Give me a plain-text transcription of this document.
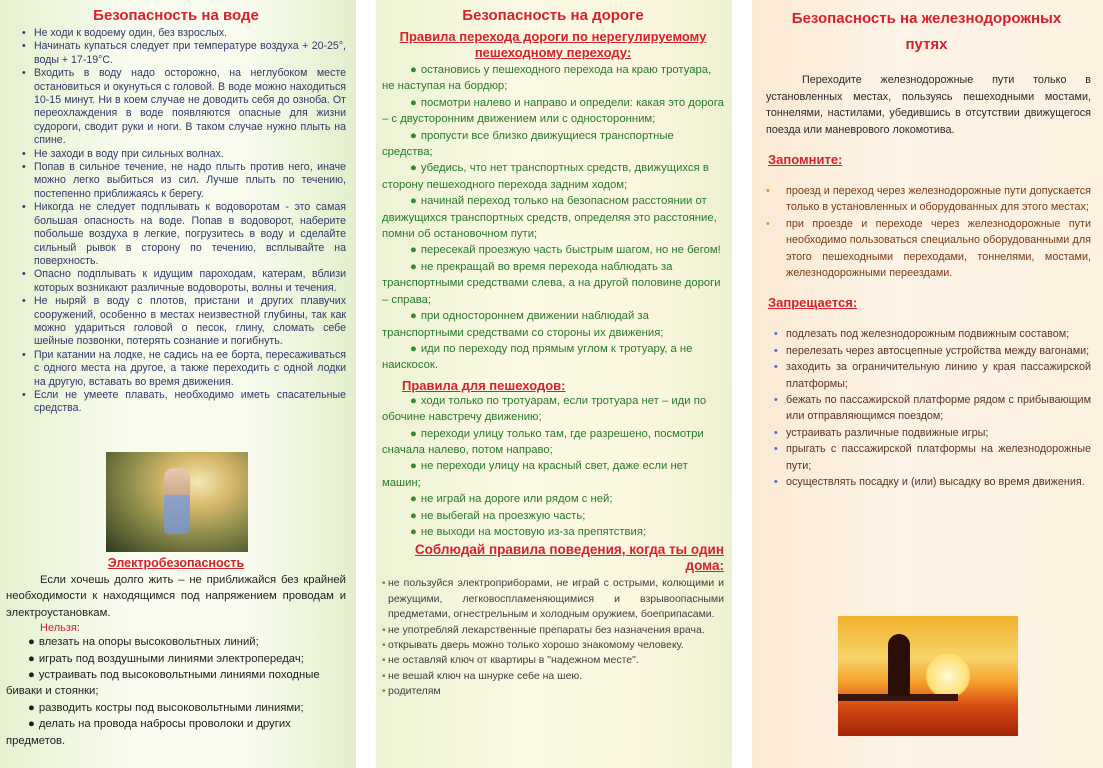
Безопасность на воде
• Не ходи к водоему один, без взрослых.
• Начинать купаться следует при температуре воздуха + 20-25°, воды + 17-19°С.
• Входить в воду надо осторожно, на неглубоком месте остановиться и окунуться с головой. В воде можно находиться 10-15 минут. Ни в коем случае не доводить себя до озноба. От переохлаждения в воде появляются опасные для жизни судороги, сводит руки и ноги. В таком случае нужно плыть на спине.
• Не заходи в воду при сильных волнах.
• Попав в сильное течение, не надо плыть против него, иначе можно легко выбиться из сил. Лучше плыть по течению, постепенно приближаясь к берегу.
• Никогда не следует подплывать к водоворотам - это самая большая опасность на воде. Попав в водоворот, наберите побольше воздуха в легкие, погрузитесь в воду и сделайте сильный рывок в сторону по течению, всплывайте на поверхность.
• Опасно подплывать к идущим пароходам, катерам, вблизи которых возникают различные водовороты, волны и течения.
• Не ныряй в воду с плотов, пристани и других плавучих сооружений, особенно в местах неизвестной глубины, так как можно удариться головой о песок, глину, сломать себе шейные позвонки, потерять сознание и погибнуть.
• При катании на лодке, не садись на ее борта, пересаживаться с одного места на другое, а также переходить с одной лодки на другую, вставать во время движения.
• Если не умеете плавать, необходимо иметь спасательные средства.
Электробезопасность
Если хочешь долго жить – не приближайся без крайней необходимости к находящимся под напряжением проводам и электроустановкам.
Нельзя:
● влезать на опоры высоковольтных линий;
● играть под воздушными линиями электропередач;
● устраивать под высоковольтными линиями походные биваки и стоянки;
● разводить костры под высоковольтными линиями;
● делать на провода набросы проволоки и других предметов.
Безопасность на дороге
Правила перехода дороги по нерегулируемому пешеходному переходу:
● остановись у пешеходного перехода на краю тротуара, не наступая на бордюр;
● посмотри налево и направо и определи: какая это дорога – с двусторонним движением или с односторонним;
● пропусти все близко движущиеся транспортные средства;
● убедись, что нет транспортных средств, движущихся в сторону пешеходного перехода задним ходом;
● начинай переход только на безопасном расстоянии от движущихся транспортных средств, определяя это расстояние, помни об остановочном пути;
● пересекай проезжую часть быстрым шагом, но не бегом!
● не прекращай во время перехода наблюдать за транспортными средствами слева, а на другой половине дороги – справа;
● при одностороннем движении наблюдай за транспортными средствами со стороны их движения;
● иди по переходу под прямым углом к тротуару, а не наискосок.
Правила для пешеходов:
● ходи только по тротуарам, если тротуара нет – иди по обочине навстречу движению;
● переходи улицу только там, где разрешено, посмотри сначала налево, потом направо;
● не переходи улицу на красный свет, даже если нет машин;
● не играй на дороге или рядом с ней;
● не выбегай на проезжую часть;
● не выходи на мостовую из-за препятствия;
Соблюдай правила поведения, когда ты один дома:
• не пользуйся электроприборами, не играй с острыми, колющими и режущими, легковоспламеняющимися и взрывоопасными предметами, огнестрельным и холодным оружием, боеприпасами.
• не употребляй лекарственные препараты без назначения врача.
• открывать дверь можно только хорошо знакомому человеку.
• не оставляй ключ от квартиры в "надежном месте".
• не вешай ключ на шнурке себе на шею.
• родителям
Безопасность на железнодорожных путях
Переходите железнодорожные пути только в установленных местах, пользуясь пешеходными мостами, тоннелями, настилами, убедившись в отсутствии движущегося поезда или маневрового локомотива.
Запомните:
• проезд и переход через железнодорожные пути допускается только в установленных и оборудованных для этого местах;
• при проезде и переходе через железнодорожные пути необходимо пользоваться специально оборудованными для этого пешеходными переходами, тоннелями, мостами, железнодорожными переездами.
Запрещается:
• подлезать под железнодорожным подвижным составом;
• перелезать через автосцепные устройства между вагонами;
• заходить за ограничительную линию у края пассажирской платформы;
• бежать по пассажирской платформе рядом с прибывающим или отправляющимся поездом;
• устраивать различные подвижные игры;
• прыгать с пассажирской платформы на железнодорожные пути;
• осуществлять посадку и (или) высадку во время движения.
